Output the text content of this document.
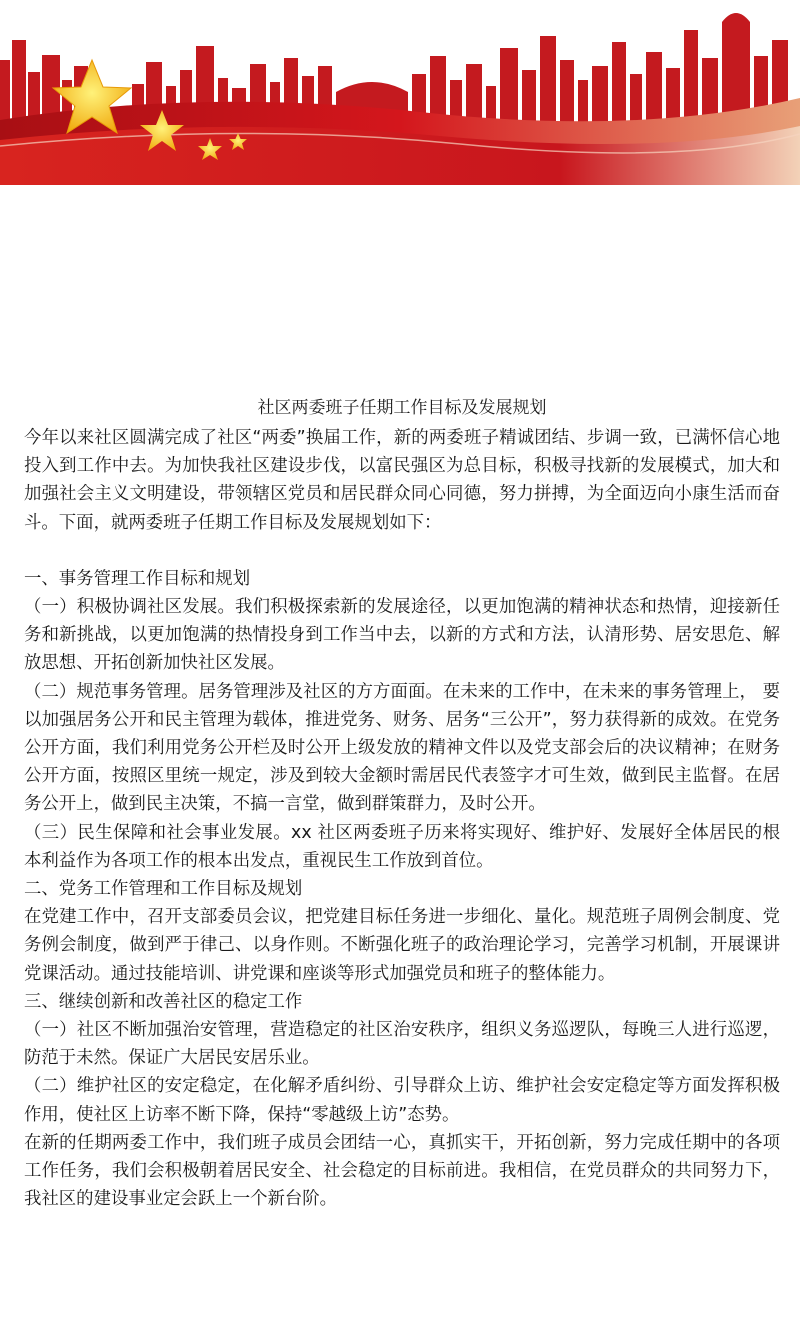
社区两委班子任期工作目标及发展规划

今年以来社区圆满完成了社区“两委”换届工作，新的两委班子精诚团结、步调一致，已满怀信心地投入到工作中去。为加快我社区建设步伐，以富民强区为总目标，积极寻找新的发展模式，加大和加强社会主义文明建设，带领辖区党员和居民群众同心同德，努力拼搏，为全面迈向小康生活而奋斗。下面，就两委班子任期工作目标及发展规划如下：

一、事务管理工作目标和规划

（一）积极协调社区发展。我们积极探索新的发展途径，以更加饱满的精神状态和热情，迎接新任务和新挑战，以更加饱满的热情投身到工作当中去，以新的方式和方法，认清形势、居安思危、解放思想、开拓创新加快社区发展。

（二）规范事务管理。居务管理涉及社区的方方面面。在未来的工作中，在未来的事务管理上， 要以加强居务公开和民主管理为载体，推进党务、财务、居务“三公开”，努力获得新的成效。在党务公开方面，我们利用党务公开栏及时公开上级发放的精神文件以及党支部会后的决议精神；在财务公开方面，按照区里统一规定，涉及到较大金额时需居民代表签字才可生效，做到民主监督。在居务公开上，做到民主决策，不搞一言堂，做到群策群力，及时公开。

（三）民生保障和社会事业发展。xx 社区两委班子历来将实现好、维护好、发展好全体居民的根本利益作为各项工作的根本出发点，重视民生工作放到首位。

二、党务工作管理和工作目标及规划

在党建工作中，召开支部委员会议，把党建目标任务进一步细化、量化。规范班子周例会制度、党务例会制度，做到严于律己、以身作则。不断强化班子的政治理论学习，完善学习机制，开展课讲党课活动。通过技能培训、讲党课和座谈等形式加强党员和班子的整体能力。

三、继续创新和改善社区的稳定工作

（一）社区不断加强治安管理，营造稳定的社区治安秩序，组织义务巡逻队，每晚三人进行巡逻，防范于未然。保证广大居民安居乐业。

（二）维护社区的安定稳定，在化解矛盾纠纷、引导群众上访、维护社会安定稳定等方面发挥积极作用，使社区上访率不断下降，保持“零越级上访”态势。

在新的任期两委工作中，我们班子成员会团结一心，真抓实干，开拓创新，努力完成任期中的各项工作任务，我们会积极朝着居民安全、社会稳定的目标前进。我相信，在党员群众的共同努力下，我社区的建设事业定会跃上一个新台阶。
